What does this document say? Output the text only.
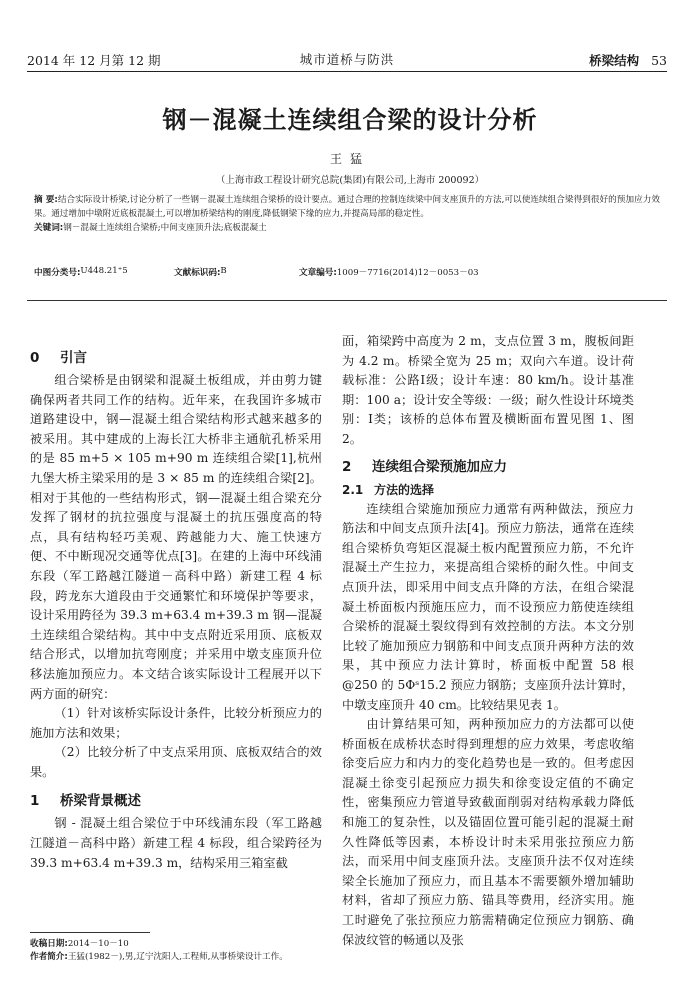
2014 年 12 月第 12 期	城市道桥与防洪	桥梁结构 53
钢－混凝土连续组合梁的设计分析
王猛
（上海市政工程设计研究总院(集团)有限公司,上海市 200092）
摘 要:结合实际设计桥梁,讨论分析了一些钢－混凝土连续组合梁桥的设计要点。通过合理的控制连续梁中间支座顶升的方法,可以使连续组合梁得到很好的预加应力效果。通过增加中墩附近底板混凝土,可以增加桥梁结构的刚度,降低钢梁下缘的应力,并提高局部的稳定性。
关键词:钢－混凝土连续组合梁桥;中间支座顶升法;底板混凝土
中图分类号: U448.21⁺5	文献标识码: B	文章编号: 1009－7716(2014)12－0053－03
0 引言

组合梁桥是由钢梁和混凝土板组成，并由剪力键确保两者共同工作的结构。近年来，在我国许多城市道路建设中，钢—混凝土组合梁结构形式越来越多的被采用。其中建成的上海长江大桥非主通航孔桥采用的是 85 m+5 × 105 m+90 m 连续组合梁[1],杭州九堡大桥主梁采用的是 3 × 85 m 的连续组合梁[2]。相对于其他的一些结构形式，钢—混凝土组合梁充分发挥了钢材的抗拉强度与混凝土的抗压强度高的特点，具有结构轻巧美观、跨越能力大、施工快速方便、不中断现况交通等优点[3]。在建的上海中环线浦东段（军工路越江隧道－高科中路）新建工程 4 标段，跨龙东大道段由于交通繁忙和环境保护等要求，设计采用跨径为 39.3 m+63.4 m+39.3 m 钢—混凝土连续组合梁结构。其中中支点附近采用顶、底板双结合形式，以增加抗弯刚度；并采用中墩支座顶升位移法施加预应力。本文结合该实际设计工程展开以下两方面的研究：

（1）针对该桥实际设计条件，比较分析预应力的施加方法和效果；

（2）比较分析了中支点采用顶、底板双结合的效果。

1 桥梁背景概述

钢 - 混凝土组合梁位于中环线浦东段（军工路越江隧道－高科中路）新建工程 4 标段，组合梁跨径为 39.3 m+63.4 m+39.3 m，结构采用三箱室截

面，箱梁跨中高度为 2 m，支点位置 3 m，腹板间距为 4.2 m。桥梁全宽为 25 m；双向六车道。设计荷载标准：公路Ⅰ级；设计车速：80 km/h。设计基准期：100 a；设计安全等级：一级；耐久性设计环境类别：Ⅰ类；该桥的总体布置及横断面布置见图 1、图 2。

2 连续组合梁预施加应力
2.1 方法的选择

连续组合梁施加预应力通常有两种做法，预应力筋法和中间支点顶升法[4]。预应力筋法，通常在连续组合梁桥负弯矩区混凝土板内配置预应力筋，不允许混凝土产生拉力，来提高组合梁桥的耐久性。中间支点顶升法，即采用中间支点升降的方法，在组合梁混凝土桥面板内预施压应力，而不设预应力筋使连续组合梁桥的混凝土裂纹得到有效控制的方法。本文分别比较了施加预应力钢筋和中间支点顶升两种方法的效果，其中预应力法计算时，桥面板中配置 58 根 @250 的 5Φˢ15.2 预应力钢筋；支座顶升法计算时，中墩支座顶升 40 cm。比较结果见表 1。

由计算结果可知，两种预加应力的方法都可以使桥面板在成桥状态时得到理想的应力效果，考虑收缩徐变后应力和内力的变化趋势也是一致的。但考虑因混凝土徐变引起预应力损失和徐变设定值的不确定性，密集预应力管道导致截面削弱对结构承载力降低和施工的复杂性，以及锚固位置可能引起的混凝土耐久性降低等因素，本桥设计时未采用张拉预应力筋法，而采用中间支座顶升法。支座顶升法不仅对连续梁全长施加了预应力，而且基本不需要额外增加辅助材料，省却了预应力筋、锚具等费用，经济实用。施工时避免了张拉预应力筋需精确定位预应力钢筋、确保波纹管的畅通以及张

收稿日期:2014－10－10
作者简介:王猛(1982－),男,辽宁沈阳人,工程师,从事桥梁设计工作。
